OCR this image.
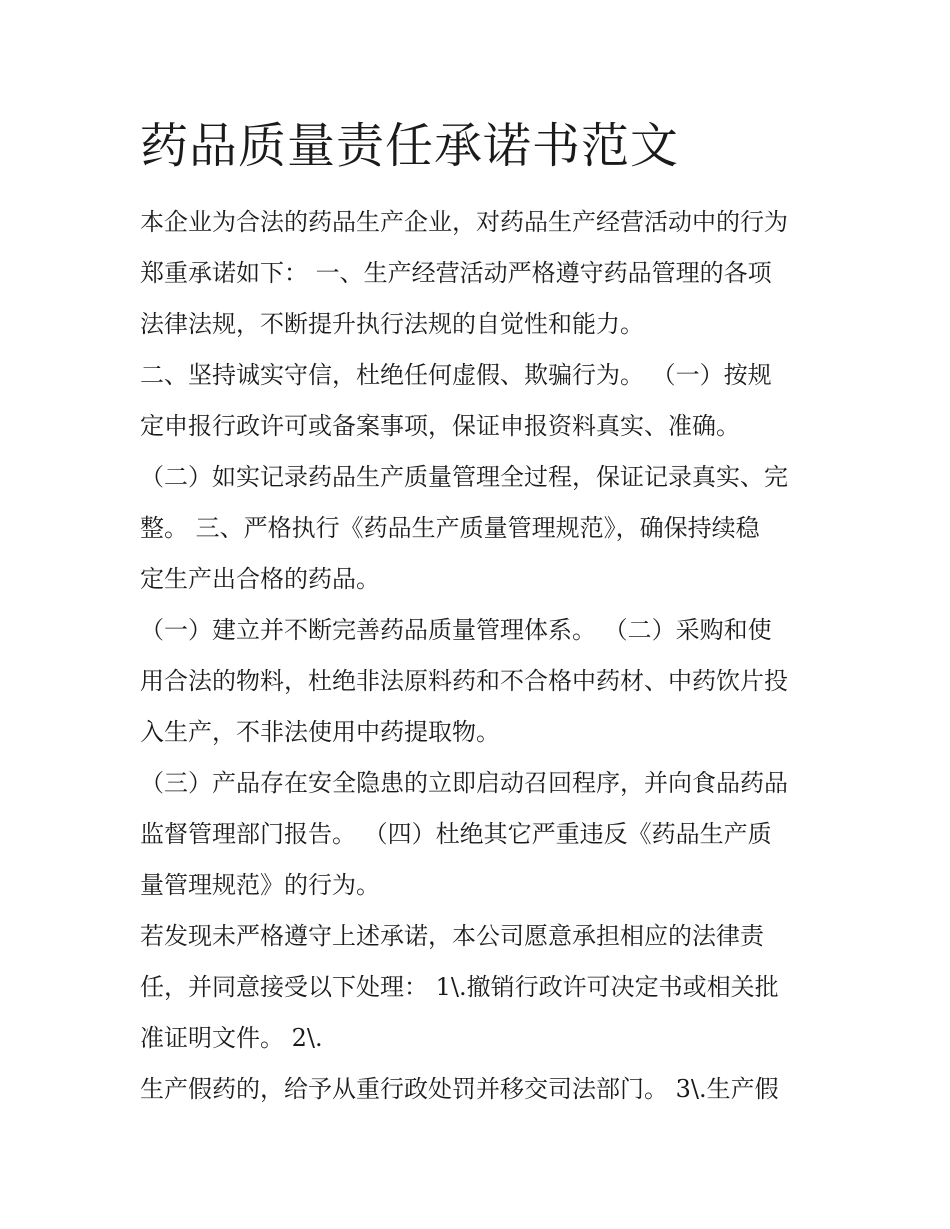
药品质量责任承诺书范文

本企业为合法的药品生产企业，对药品生产经营活动中的行为

郑重承诺如下： 一、生产经营活动严格遵守药品管理的各项

法律法规，不断提升执行法规的自觉性和能力。

二、坚持诚实守信，杜绝任何虚假、欺骗行为。 （一）按规

定申报行政许可或备案事项，保证申报资料真实、准确。

（二）如实记录药品生产质量管理全过程，保证记录真实、完

整。 三、严格执行《药品生产质量管理规范》，确保持续稳

定生产出合格的药品。

（一）建立并不断完善药品质量管理体系。 （二）采购和使

用合法的物料，杜绝非法原料药和不合格中药材、中药饮片投

入生产，不非法使用中药提取物。

（三）产品存在安全隐患的立即启动召回程序，并向食品药品

监督管理部门报告。 （四）杜绝其它严重违反《药品生产质

量管理规范》的行为。

若发现未严格遵守上述承诺，本公司愿意承担相应的法律责

任，并同意接受以下处理： 1\.撤销行政许可决定书或相关批

准证明文件。 2\.

生产假药的，给予从重行政处罚并移交司法部门。 3\.生产假
